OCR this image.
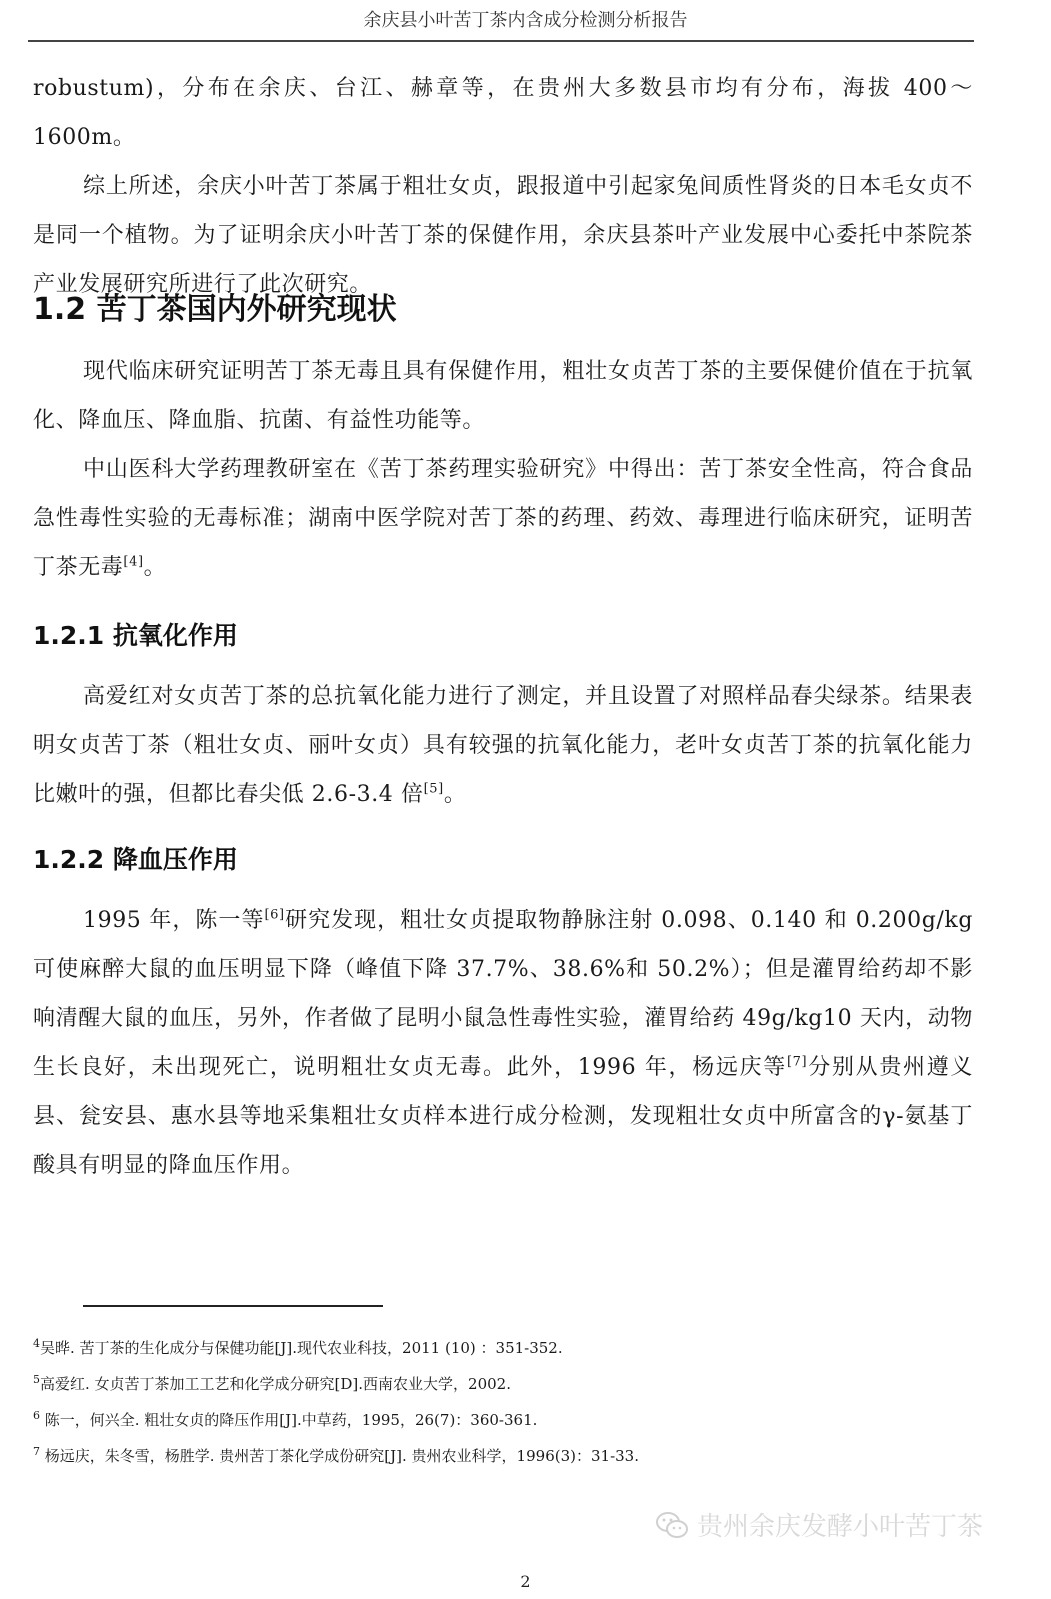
余庆县小叶苦丁茶内含成分检测分析报告

robustum)，分布在余庆、台江、赫章等，在贵州大多数县市均有分布，海拔 400～1600m。

综上所述，余庆小叶苦丁茶属于粗壮女贞，跟报道中引起家兔间质性肾炎的日本毛女贞不是同一个植物。为了证明余庆小叶苦丁茶的保健作用，余庆县茶叶产业发展中心委托中茶院茶产业发展研究所进行了此次研究。

1.2 苦丁茶国内外研究现状

现代临床研究证明苦丁茶无毒且具有保健作用，粗壮女贞苦丁茶的主要保健价值在于抗氧化、降血压、降血脂、抗菌、有益性功能等。

中山医科大学药理教研室在《苦丁茶药理实验研究》中得出：苦丁茶安全性高，符合食品急性毒性实验的无毒标准；湖南中医学院对苦丁茶的药理、药效、毒理进行临床研究，证明苦丁茶无毒[4]。

1.2.1 抗氧化作用

高爱红对女贞苦丁茶的总抗氧化能力进行了测定，并且设置了对照样品春尖绿茶。结果表明女贞苦丁茶（粗壮女贞、丽叶女贞）具有较强的抗氧化能力，老叶女贞苦丁茶的抗氧化能力比嫩叶的强，但都比春尖低 2.6-3.4 倍[5]。

1.2.2 降血压作用

1995 年，陈一等[6]研究发现，粗壮女贞提取物静脉注射 0.098、0.140 和 0.200g/kg 可使麻醉大鼠的血压明显下降（峰值下降 37.7%、38.6%和 50.2%）；但是灌胃给药却不影响清醒大鼠的血压，另外，作者做了昆明小鼠急性毒性实验，灌胃给药 49g/kg10 天内，动物生长良好，未出现死亡，说明粗壮女贞无毒。此外，1996 年，杨远庆等[7]分别从贵州遵义县、瓮安县、惠水县等地采集粗壮女贞样本进行成分检测，发现粗壮女贞中所富含的γ-氨基丁酸具有明显的降血压作用。

$^4$吴晔. 苦丁茶的生化成分与保健功能[J].现代农业科技，2011 (10) ：351-352.

$^5$高爱红. 女贞苦丁茶加工工艺和化学成分研究[D].西南农业大学，2002.

$^6$ 陈一，何兴全. 粗壮女贞的降压作用[J].中草药，1995，26(7)：360-361.

$^7$ 杨远庆，朱冬雪，杨胜学. 贵州苦丁茶化学成份研究[J]. 贵州农业科学，1996(3)：31-33.

贵州余庆发酵小叶苦丁茶
2
